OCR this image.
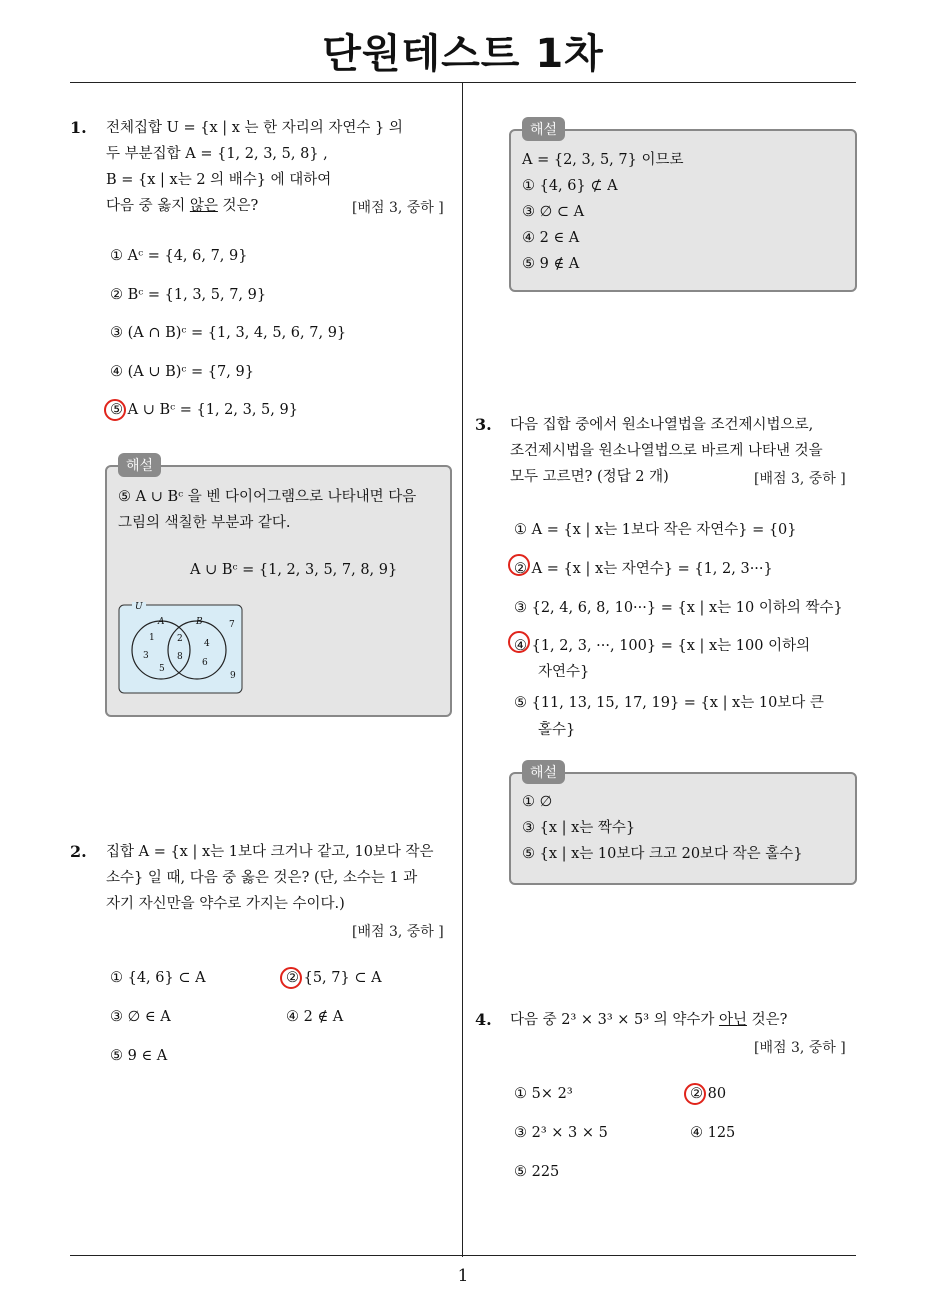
단원테스트 1차
1. 전체집합 U = {x | x 는 한 자리의 자연수 } 의
두 부분집합 A = {1, 2, 3, 5, 8} ,
B = {x | x는 2 의 배수} 에 대하여
다음 중 옳지 않은 것은?	[배점 3, 중하 ]
① Aᶜ = {4, 6, 7, 9}
② Bᶜ = {1, 3, 5, 7, 9}
③ (A ∩ B)ᶜ = {1, 3, 4, 5, 6, 7, 9}
④ (A ∪ B)ᶜ = {7, 9}
⑤ A ∪ Bᶜ = {1, 2, 3, 5, 9}
해설
⑤ A ∪ Bᶜ 을 벤 다이어그램으로 나타내면 다음
그림의 색칠한 부분과 같다.
A ∪ Bᶜ = {1, 2, 3, 5, 7, 8, 9}
U
A	B
1 2 4
7
3	8
6
5
9
2. 집합 A = {x | x는 1보다 크거나 같고, 10보다 작은
소수} 일 때, 다음 중 옳은 것은? (단, 소수는 1 과
자기 자신만을 약수로 가지는 수이다.)
[배점 3, 중하 ]
① {4, 6} ⊂ A	② {5, 7} ⊂ A
③ ∅ ∈ A	④ 2 ∉ A
⑤ 9 ∈ A
해설
A = {2, 3, 5, 7} 이므로
① {4, 6} ⊄ A
③ ∅ ⊂ A
④ 2 ∈ A
⑤ 9 ∉ A
3. 다음 집합 중에서 원소나열법을 조건제시법으로,
조건제시법을 원소나열법으로 바르게 나타낸 것을
모두 고르면? (정답 2 개)	[배점 3, 중하 ]
① A = {x | x는 1보다 작은 자연수} = {0}
② A = {x | x는 자연수} = {1, 2, 3···}
③ {2, 4, 6, 8, 10···} = {x | x는 10 이하의 짝수}
④ {1, 2, 3, ···, 100} = {x | x는 100 이하의
자연수}
⑤ {11, 13, 15, 17, 19} = {x | x는 10보다 큰
홀수}
해설
① ∅
③ {x | x는 짝수}
⑤ {x | x는 10보다 크고 20보다 작은 홀수}
4. 다음 중 2³ × 3³ × 5³ 의 약수가 아닌 것은?
[배점 3, 중하 ]
① 5× 2³	② 80
③ 2³ × 3 × 5	④ 125
⑤ 225
1
